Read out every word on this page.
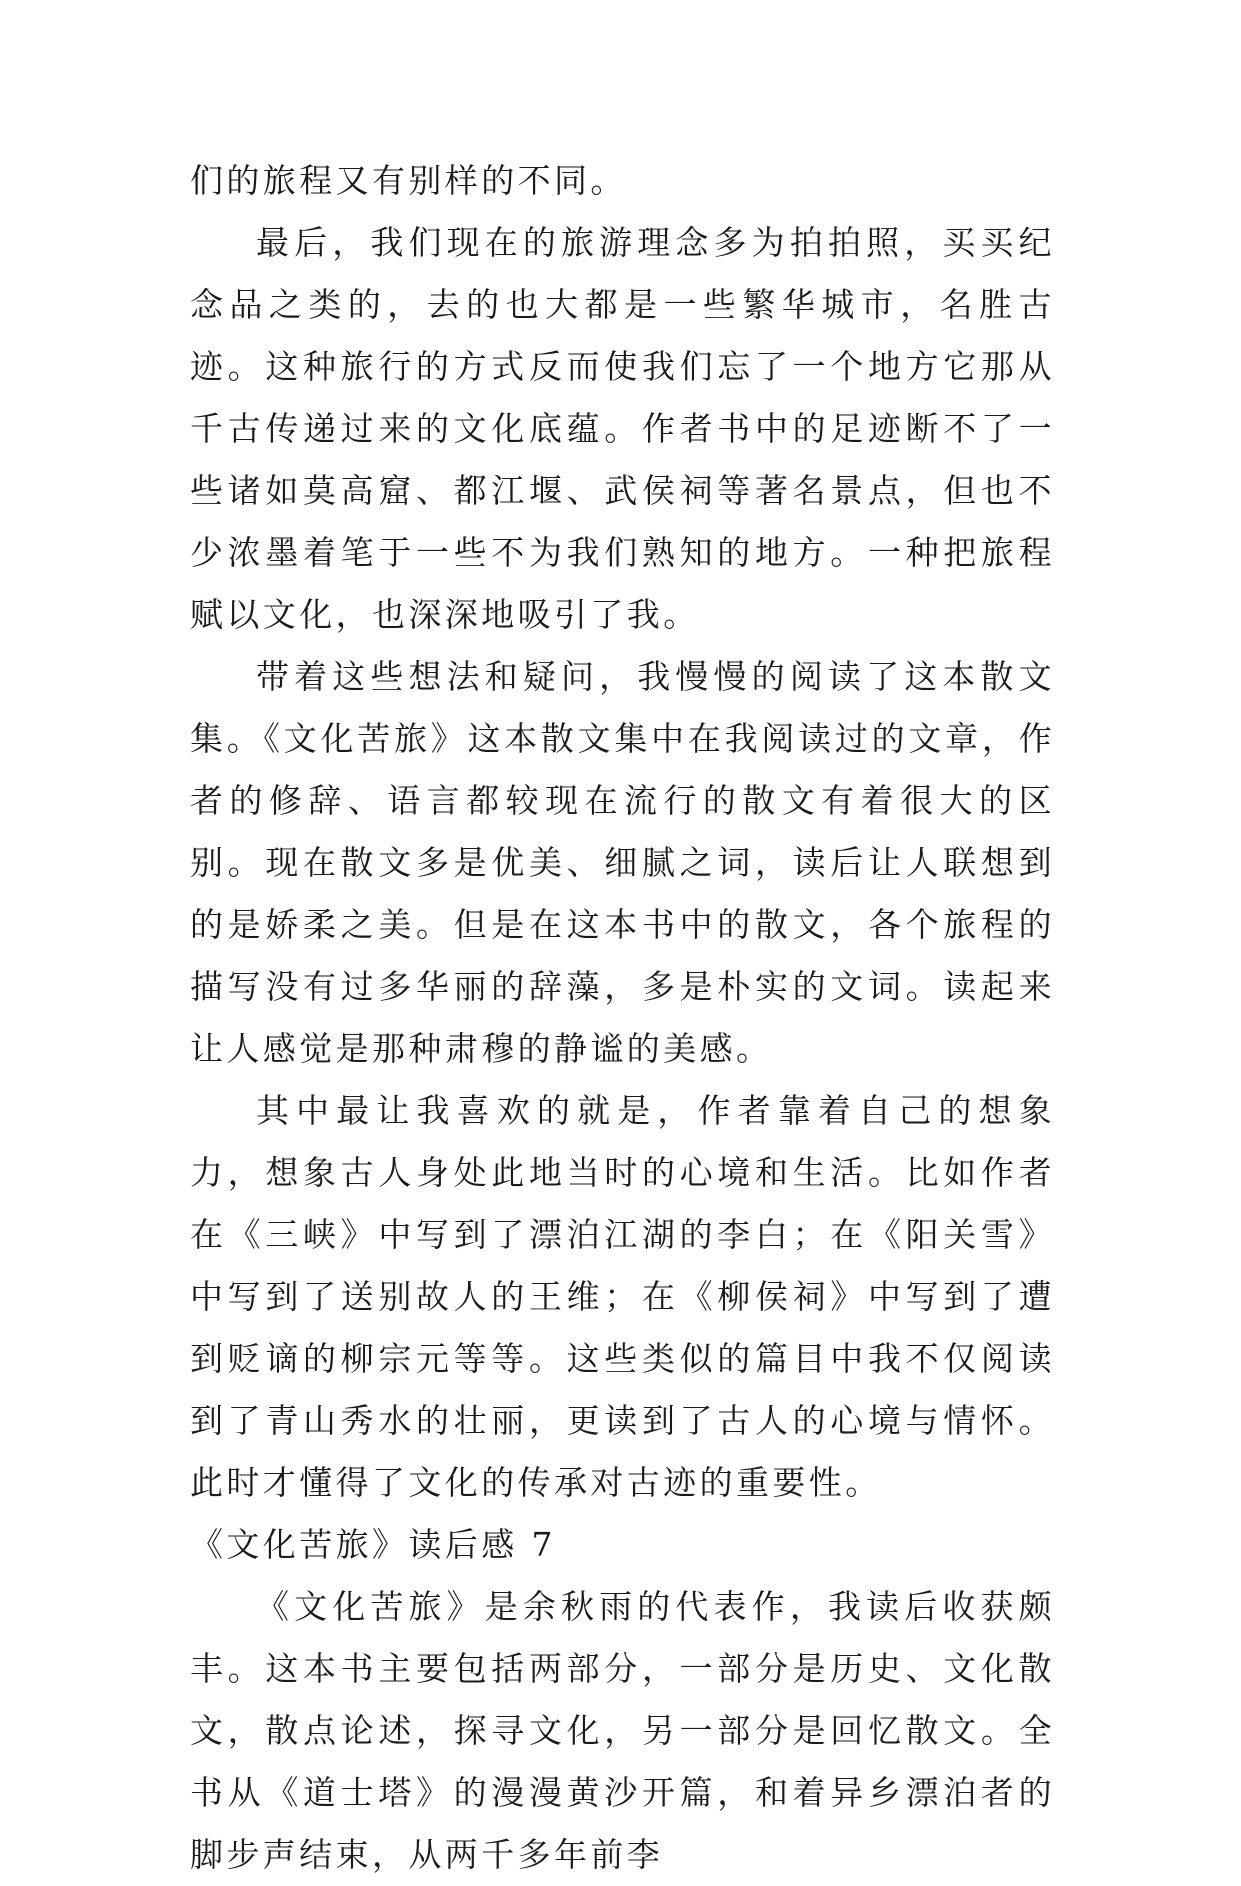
们的旅程又有别样的不同。

最后，我们现在的旅游理念多为拍拍照，买买纪念品之类的，去的也大都是一些繁华城市，名胜古迹。这种旅行的方式反而使我们忘了一个地方它那从千古传递过来的文化底蕴。作者书中的足迹断不了一些诸如莫高窟、都江堰、武侯祠等著名景点，但也不少浓墨着笔于一些不为我们熟知的地方。一种把旅程赋以文化，也深深地吸引了我。

带着这些想法和疑问，我慢慢的阅读了这本散文集。《文化苦旅》这本散文集中在我阅读过的文章，作者的修辞、语言都较现在流行的散文有着很大的区别。现在散文多是优美、细腻之词，读后让人联想到的是娇柔之美。但是在这本书中的散文，各个旅程的描写没有过多华丽的辞藻，多是朴实的文词。读起来让人感觉是那种肃穆的静谧的美感。

其中最让我喜欢的就是，作者靠着自己的想象力，想象古人身处此地当时的心境和生活。比如作者在《三峡》中写到了漂泊江湖的李白；在《阳关雪》中写到了送别故人的王维；在《柳侯祠》中写到了遭到贬谪的柳宗元等等。这些类似的篇目中我不仅阅读到了青山秀水的壮丽，更读到了古人的心境与情怀。此时才懂得了文化的传承对古迹的重要性。

《文化苦旅》读后感 7

《文化苦旅》是余秋雨的代表作，我读后收获颇丰。这本书主要包括两部分，一部分是历史、文化散文，散点论述，探寻文化，另一部分是回忆散文。全书从《道士塔》的漫漫黄沙开篇，和着异乡漂泊者的脚步声结束，从两千多年前李
